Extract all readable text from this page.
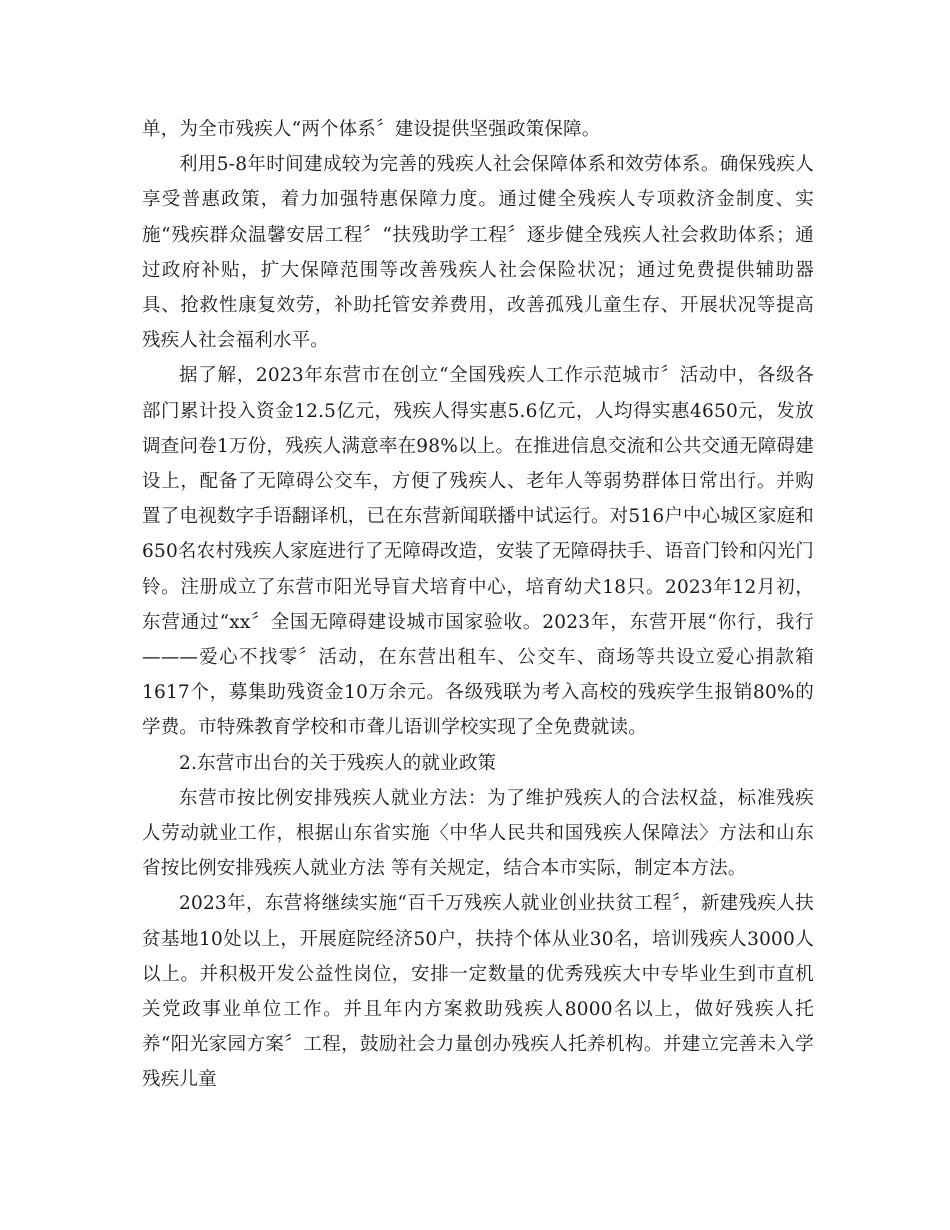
单，为全市残疾人“两个体系〞建设提供坚强政策保障。

利用5-8年时间建成较为完善的残疾人社会保障体系和效劳体系。确保残疾人享受普惠政策，着力加强特惠保障力度。通过健全残疾人专项救济金制度、实施“残疾群众温馨安居工程〞“扶残助学工程〞逐步健全残疾人社会救助体系；通过政府补贴，扩大保障范围等改善残疾人社会保险状况；通过免费提供辅助器具、抢救性康复效劳，补助托管安养费用，改善孤残儿童生存、开展状况等提高残疾人社会福利水平。

据了解，2023年东营市在创立“全国残疾人工作示范城市〞活动中，各级各部门累计投入资金12.5亿元，残疾人得实惠5.6亿元，人均得实惠4650元，发放调查问卷1万份，残疾人满意率在98%以上。在推进信息交流和公共交通无障碍建设上，配备了无障碍公交车，方便了残疾人、老年人等弱势群体日常出行。并购置了电视数字手语翻译机，已在东营新闻联播中试运行。对516户中心城区家庭和650名农村残疾人家庭进行了无障碍改造，安装了无障碍扶手、语音门铃和闪光门铃。注册成立了东营市阳光导盲犬培育中心，培育幼犬18只。2023年12月初，东营通过“xx〞全国无障碍建设城市国家验收。2023年，东营开展“你行，我行———爱心不找零〞活动，在东营出租车、公交车、商场等共设立爱心捐款箱1617个，募集助残资金10万余元。各级残联为考入高校的残疾学生报销80%的学费。市特殊教育学校和市聋儿语训学校实现了全免费就读。

2.东营市出台的关于残疾人的就业政策

东营市按比例安排残疾人就业方法：为了维护残疾人的合法权益，标准残疾人劳动就业工作，根据山东省实施〈中华人民共和国残疾人保障法〉方法和山东省按比例安排残疾人就业方法 等有关规定，结合本市实际，制定本方法。

2023年，东营将继续实施“百千万残疾人就业创业扶贫工程〞，新建残疾人扶贫基地10处以上，开展庭院经济50户，扶持个体从业30名，培训残疾人3000人以上。并积极开发公益性岗位，安排一定数量的优秀残疾大中专毕业生到市直机关党政事业单位工作。并且年内方案救助残疾人8000名以上，做好残疾人托养“阳光家园方案〞工程，鼓励社会力量创办残疾人托养机构。并建立完善未入学残疾儿童
